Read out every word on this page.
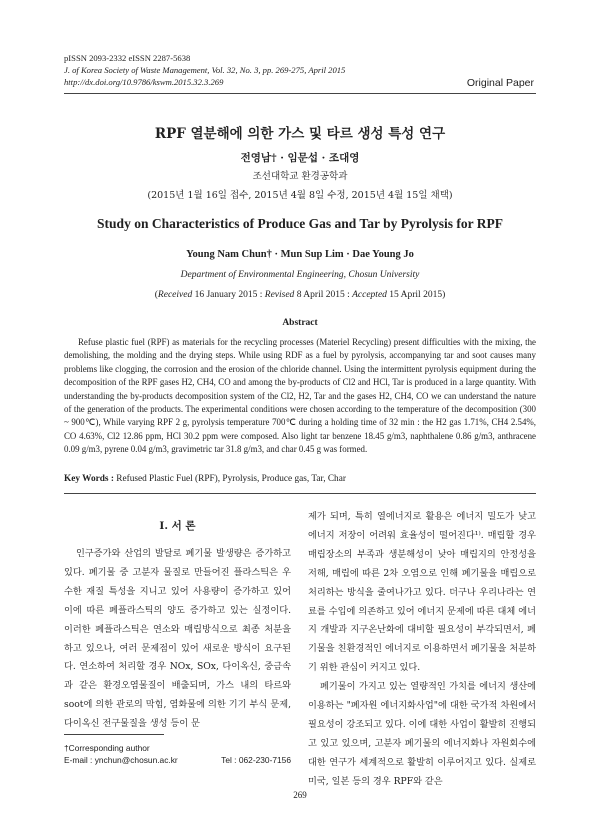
pISSN 2093-2332 eISSN 2287-5638
J. of Korea Society of Waste Management, Vol. 32, No. 3, pp. 269-275, April 2015
http://dx.doi.org/10.9786/kswm.2015.32.3.269	Original Paper
RPF 열분해에 의한 가스 및 타르 생성 특성 연구
전영남† · 임문섭 · 조대영
조선대학교 환경공학과
(2015년 1월 16일 접수, 2015년 4월 8일 수정, 2015년 4월 15일 채택)
Study on Characteristics of Produce Gas and Tar by Pyrolysis for RPF
Young Nam Chun† · Mun Sup Lim · Dae Young Jo
Department of Environmental Engineering, Chosun University
(Received 16 January 2015 : Revised 8 April 2015 : Accepted 15 April 2015)
Abstract

Refuse plastic fuel (RPF) as materials for the recycling processes (Materiel Recycling) present difficulties with the mixing, the demolishing, the molding and the drying steps. While using RDF as a fuel by pyrolysis, accompanying tar and soot causes many problems like clogging, the corrosion and the erosion of the chloride channel. Using the intermittent pyrolysis equipment during the decomposition of the RPF gases H2, CH4, CO and among the by-products of Cl2 and HCl, Tar is produced in a large quantity. With understanding the by-products decomposition system of the Cl2, H2, Tar and the gases H2, CH4, CO we can understand the nature of the generation of the products. The experimental conditions were chosen according to the temperature of the decomposition (300 ~ 900℃), While varying RPF 2 g, pyrolysis temperature 700℃ during a holding time of 32 min : the H2 gas 1.71%, CH4 2.54%, CO 4.63%, Cl2 12.86 ppm, HCl 30.2 ppm were composed. Also light tar benzene 18.45 g/m3, naphthalene 0.86 g/m3, anthracene 0.09 g/m3, pyrene 0.04 g/m3, gravimetric tar 31.8 g/m3, and char 0.45 g was formed.

Key Words : Refused Plastic Fuel (RPF), Pyrolysis, Produce gas, Tar, Char
I. 서 론

인구증가와 산업의 발달로 폐기물 발생량은 증가하고 있다. 폐기물 중 고분자 물질로 만들어진 플라스틱은 우수한 재질 특성을 지니고 있어 사용량이 증가하고 있어 이에 따른 폐플라스틱의 양도 증가하고 있는 실정이다. 이러한 폐플라스틱은 연소와 매립방식으로 최종 처분을 하고 있으나, 여러 문제점이 있어 새로운 방식이 요구된다. 연소하여 처리할 경우 NOx, SOx, 다이옥신, 중금속과 같은 환경오염물질이 배출되며, 가스 내의 타르와 soot에 의한 관로의 막힘, 염화물에 의한 기기 부식 문제, 다이옥신 전구물질을 생성 등이 문

제가 되며, 특히 열에너지로 활용은 에너지 밀도가 낮고 에너지 저장이 어려워 효율성이 떨어진다¹⁾. 매립할 경우 매립장소의 부족과 생분해성이 낮아 매립지의 안정성을 저해, 매립에 따른 2차 오염으로 인해 폐기물을 매립으로 처리하는 방식을 줄여나가고 있다. 더구나 우리나라는 연료를 수입에 의존하고 있어 에너지 문제에 따른 대체 에너지 개발과 지구온난화에 대비할 필요성이 부각되면서, 폐기물을 친환경적인 에너지로 이용하면서 폐기물을 처분하기 위한 관심이 커지고 있다.

폐기물이 가지고 있는 열량적인 가치를 에너지 생산에 이용하는 "폐자원 에너지화사업"에 대한 국가적 차원에서 필요성이 강조되고 있다. 이에 대한 사업이 활발히 진행되고 있고 있으며, 고분자 폐기물의 에너지화나 자원회수에 대한 연구가 세계적으로 활발히 이루어지고 있다. 실제로 미국, 일본 등의 경우 RPF와 같은

†Corresponding author
E-mail : ynchun@chosun.ac.kr	Tel : 062-230-7156
269
